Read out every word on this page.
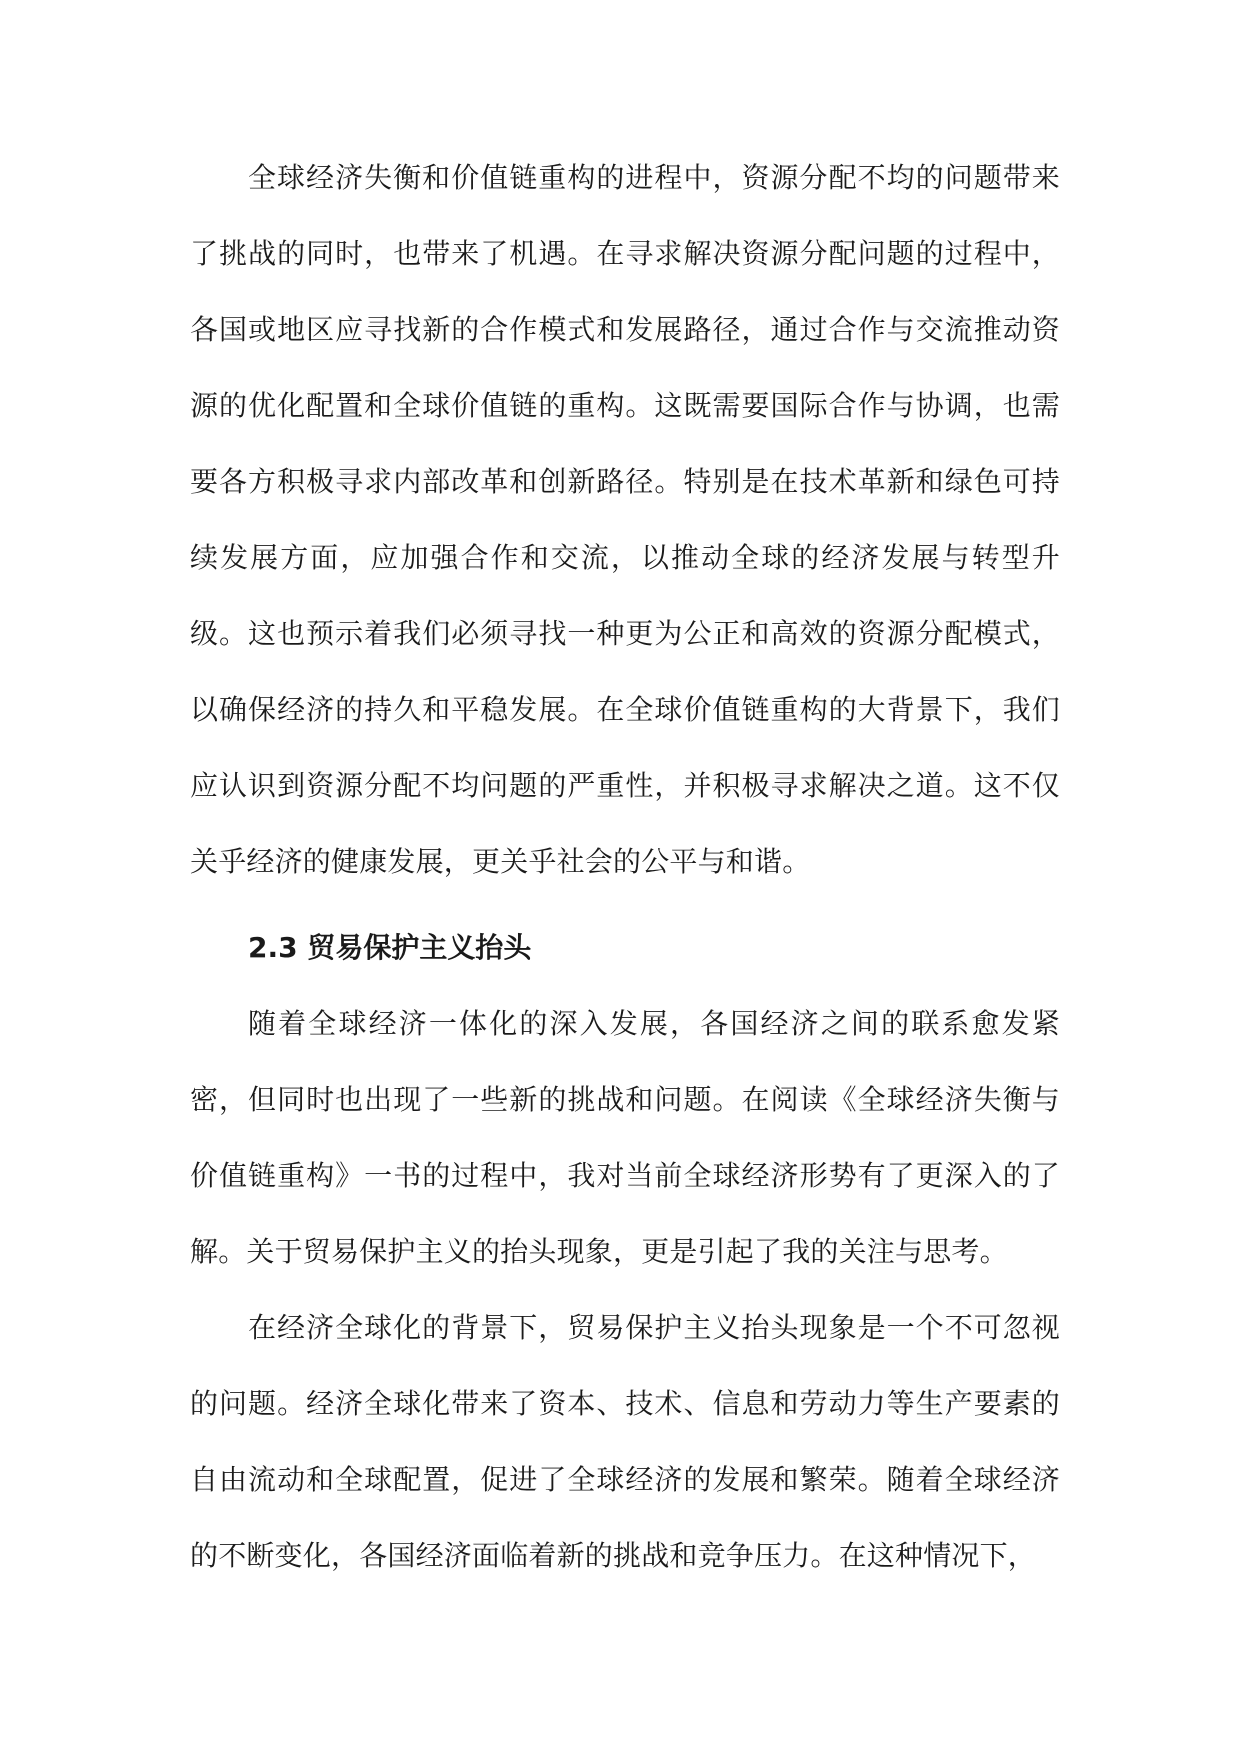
全球经济失衡和价值链重构的进程中，资源分配不均的问题带来了挑战的同时，也带来了机遇。在寻求解决资源分配问题的过程中，各国或地区应寻找新的合作模式和发展路径，通过合作与交流推动资源的优化配置和全球价值链的重构。这既需要国际合作与协调，也需要各方积极寻求内部改革和创新路径。特别是在技术革新和绿色可持续发展方面，应加强合作和交流，以推动全球的经济发展与转型升级。这也预示着我们必须寻找一种更为公正和高效的资源分配模式，以确保经济的持久和平稳发展。在全球价值链重构的大背景下，我们应认识到资源分配不均问题的严重性，并积极寻求解决之道。这不仅关乎经济的健康发展，更关乎社会的公平与和谐。

2.3 贸易保护主义抬头

随着全球经济一体化的深入发展，各国经济之间的联系愈发紧密，但同时也出现了一些新的挑战和问题。在阅读《全球经济失衡与价值链重构》一书的过程中，我对当前全球经济形势有了更深入的了解。关于贸易保护主义的抬头现象，更是引起了我的关注与思考。

在经济全球化的背景下，贸易保护主义抬头现象是一个不可忽视的问题。经济全球化带来了资本、技术、信息和劳动力等生产要素的自由流动和全球配置，促进了全球经济的发展和繁荣。随着全球经济的不断变化，各国经济面临着新的挑战和竞争压力。在这种情况下，
